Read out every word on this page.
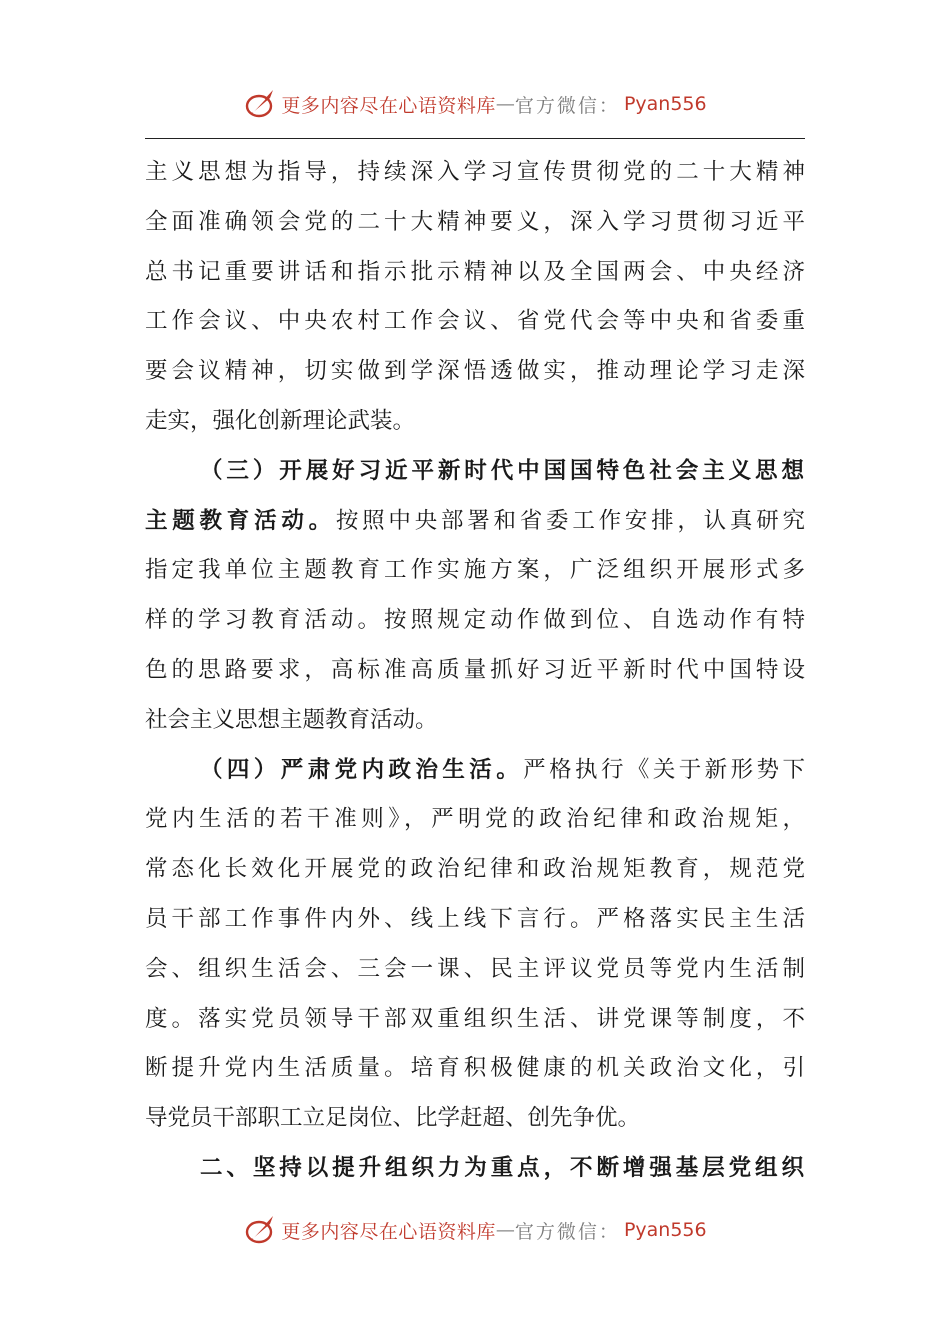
更多内容尽在心语资料库 — 官方微信： Pyan556
主义思想为指导，持续深入学习宣传贯彻党的二十大精神
全面准确领会党的二十大精神要义，深入学习贯彻习近平
总书记重要讲话和指示批示精神以及全国两会、中央经济
工作会议、中央农村工作会议、省党代会等中央和省委重
要会议精神，切实做到学深悟透做实，推动理论学习走深
走实，强化创新理论武装。
（三）开展好习近平新时代中国国特色社会主义思想
主题教育活动。按照中央部署和省委工作安排，认真研究
指定我单位主题教育工作实施方案，广泛组织开展形式多
样的学习教育活动。按照规定动作做到位、自选动作有特
色的思路要求，高标准高质量抓好习近平新时代中国特设
社会主义思想主题教育活动。
（四）严肃党内政治生活。严格执行《关于新形势下
党内生活的若干准则》，严明党的政治纪律和政治规矩，
常态化长效化开展党的政治纪律和政治规矩教育，规范党
员干部工作事件内外、线上线下言行。严格落实民主生活
会、组织生活会、三会一课、民主评议党员等党内生活制
度。落实党员领导干部双重组织生活、讲党课等制度，不
断提升党内生活质量。培育积极健康的机关政治文化，引
导党员干部职工立足岗位、比学赶超、创先争优。
二、坚持以提升组织力为重点，不断增强基层党组织
更多内容尽在心语资料库 — 官方微信： Pyan556
